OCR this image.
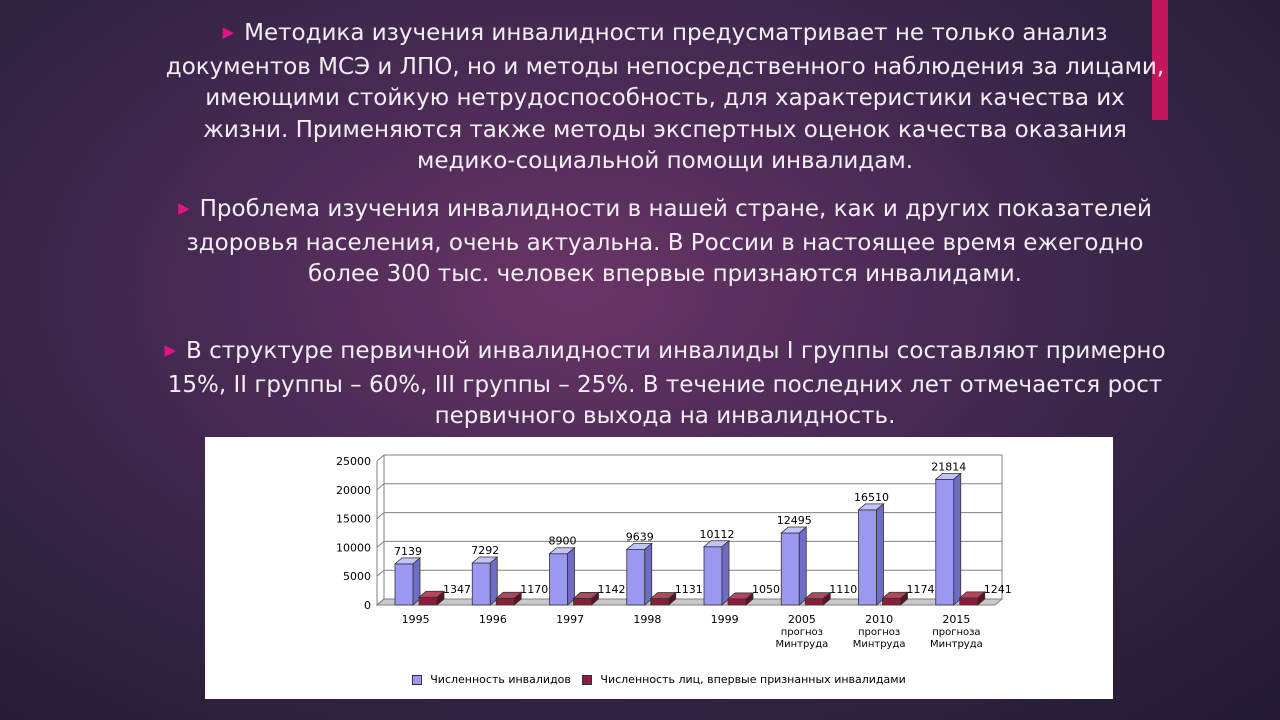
▶ Методика изучения инвалидности предусматривает не только анализ документов МСЭ и ЛПО, но и методы непосредственного наблюдения за лицами, имеющими стойкую нетрудоспособность, для характеристики качества их жизни. Применяются также методы экспертных оценок качества оказания медико-социальной помощи инвалидам.
▶ Проблема изучения инвалидности в нашей стране, как и других показателей здоровья населения, очень актуальна. В России в настоящее время ежегодно более 300 тыс. человек впервые признаются инвалидами.
▶ В структуре первичной инвалидности инвалиды I группы составляют примерно 15%, II группы – 60%, III группы – 25%. В течение последних лет отмечается рост первичного выхода на инвалидность.
0
5000
10000
15000
20000
25000
7139
1347
1995
7292
1170
1996
8900
1142
1997
9639
1131
1998
10112
1050
1999
12495
1110
2005
прогноз
Минтруда
16510
1174
2010
прогноз
Минтруда
21814
1241
2015
прогноза
Минтруда
Численность инвалидов	Численность лиц, впервые признанных инвалидами
